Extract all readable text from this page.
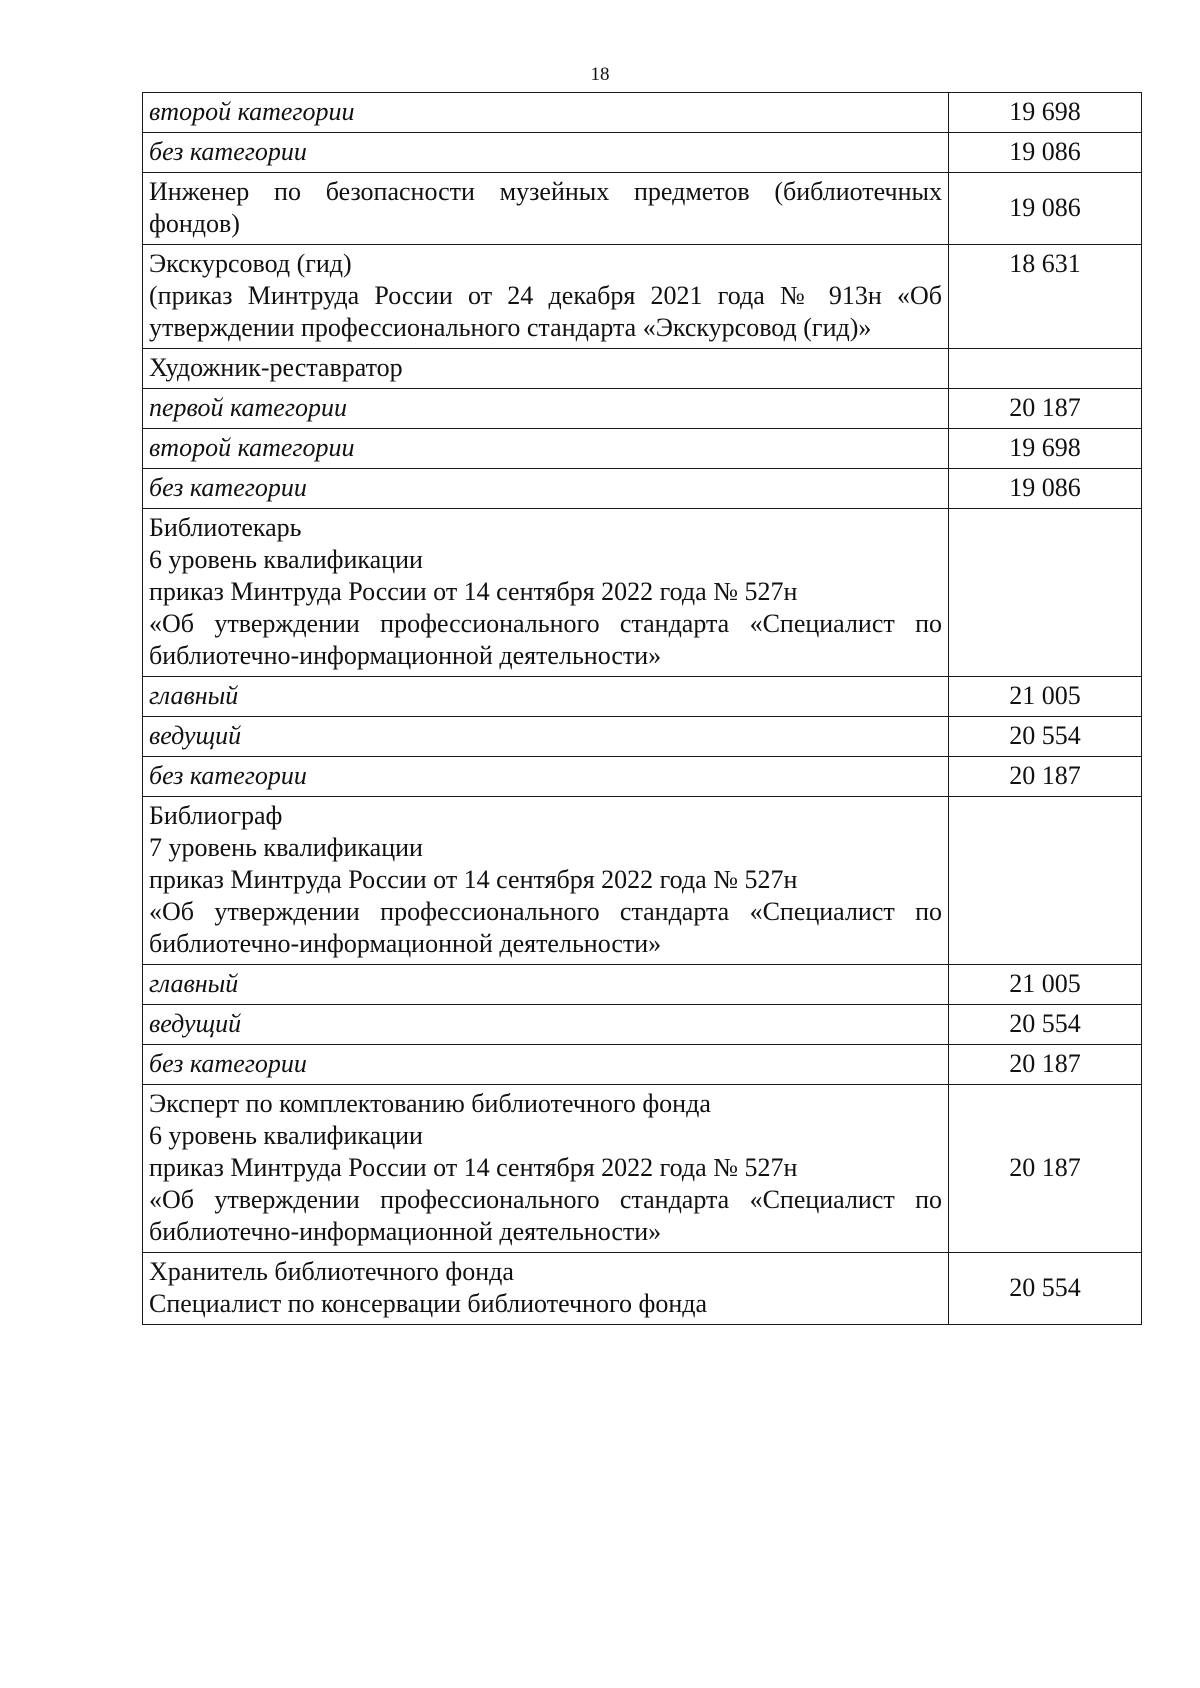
18
второй категории	19 698

без категории	19 086

Инженер по безопасности музейных предметов (библиотечных фондов)	19 086

Экскурсовод (гид)
(приказ Минтруда России от 24 декабря 2021 года № 913н «Об утверждении профессионального стандарта «Экскурсовод (гид)»	18 631

Художник-реставратор	

первой категории	20 187

второй категории	19 698

без категории	19 086

Библиотекарь
6 уровень квалификации
приказ Минтруда России от 14 сентября 2022 года № 527н
«Об утверждении профессионального стандарта «Специалист по библиотечно-информационной деятельности»	

главный	21 005

ведущий	20 554

без категории	20 187

Библиограф
7 уровень квалификации
приказ Минтруда России от 14 сентября 2022 года № 527н
«Об утверждении профессионального стандарта «Специалист по библиотечно-информационной деятельности»	

главный	21 005

ведущий	20 554

без категории	20 187

Эксперт по комплектованию библиотечного фонда
6 уровень квалификации
приказ Минтруда России от 14 сентября 2022 года № 527н
«Об утверждении профессионального стандарта «Специалист по библиотечно-информационной деятельности»	20 187

Хранитель библиотечного фонда
Специалист по консервации библиотечного фонда	20 554
